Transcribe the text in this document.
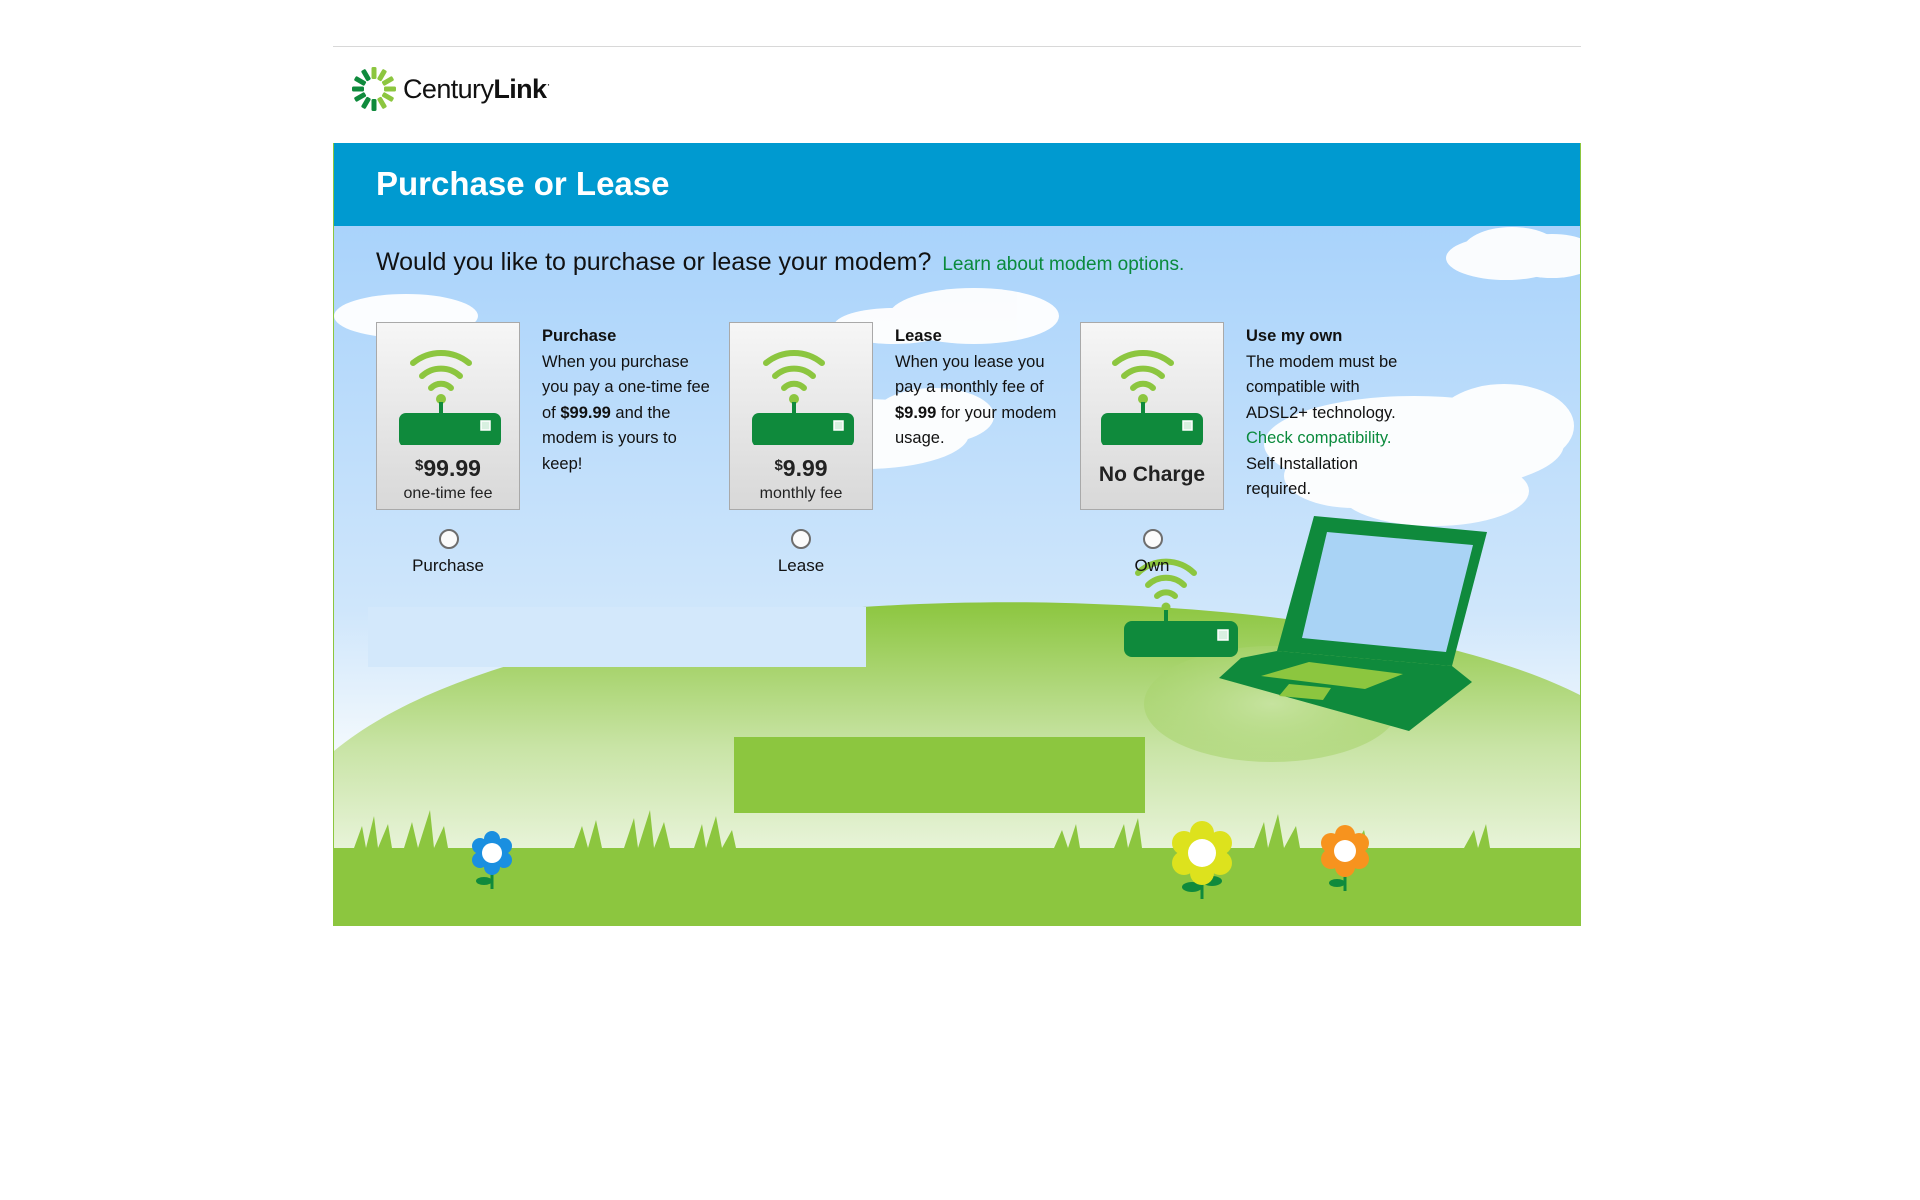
CenturyLink·
Purchase or Lease
Would you like to purchase or lease your modem? Learn about modem options.
$99.99
one-time fee
Purchase
When you purchase you pay a one-time fee of $99.99 and the modem is yours to keep!
Purchase
$9.99
monthly fee
Lease
When you lease you pay a monthly fee of $9.99 for your modem usage.
Lease
No Charge
Use my own
The modem must be compatible with ADSL2+ technology. Check compatibility. Self Installation required.
Own
